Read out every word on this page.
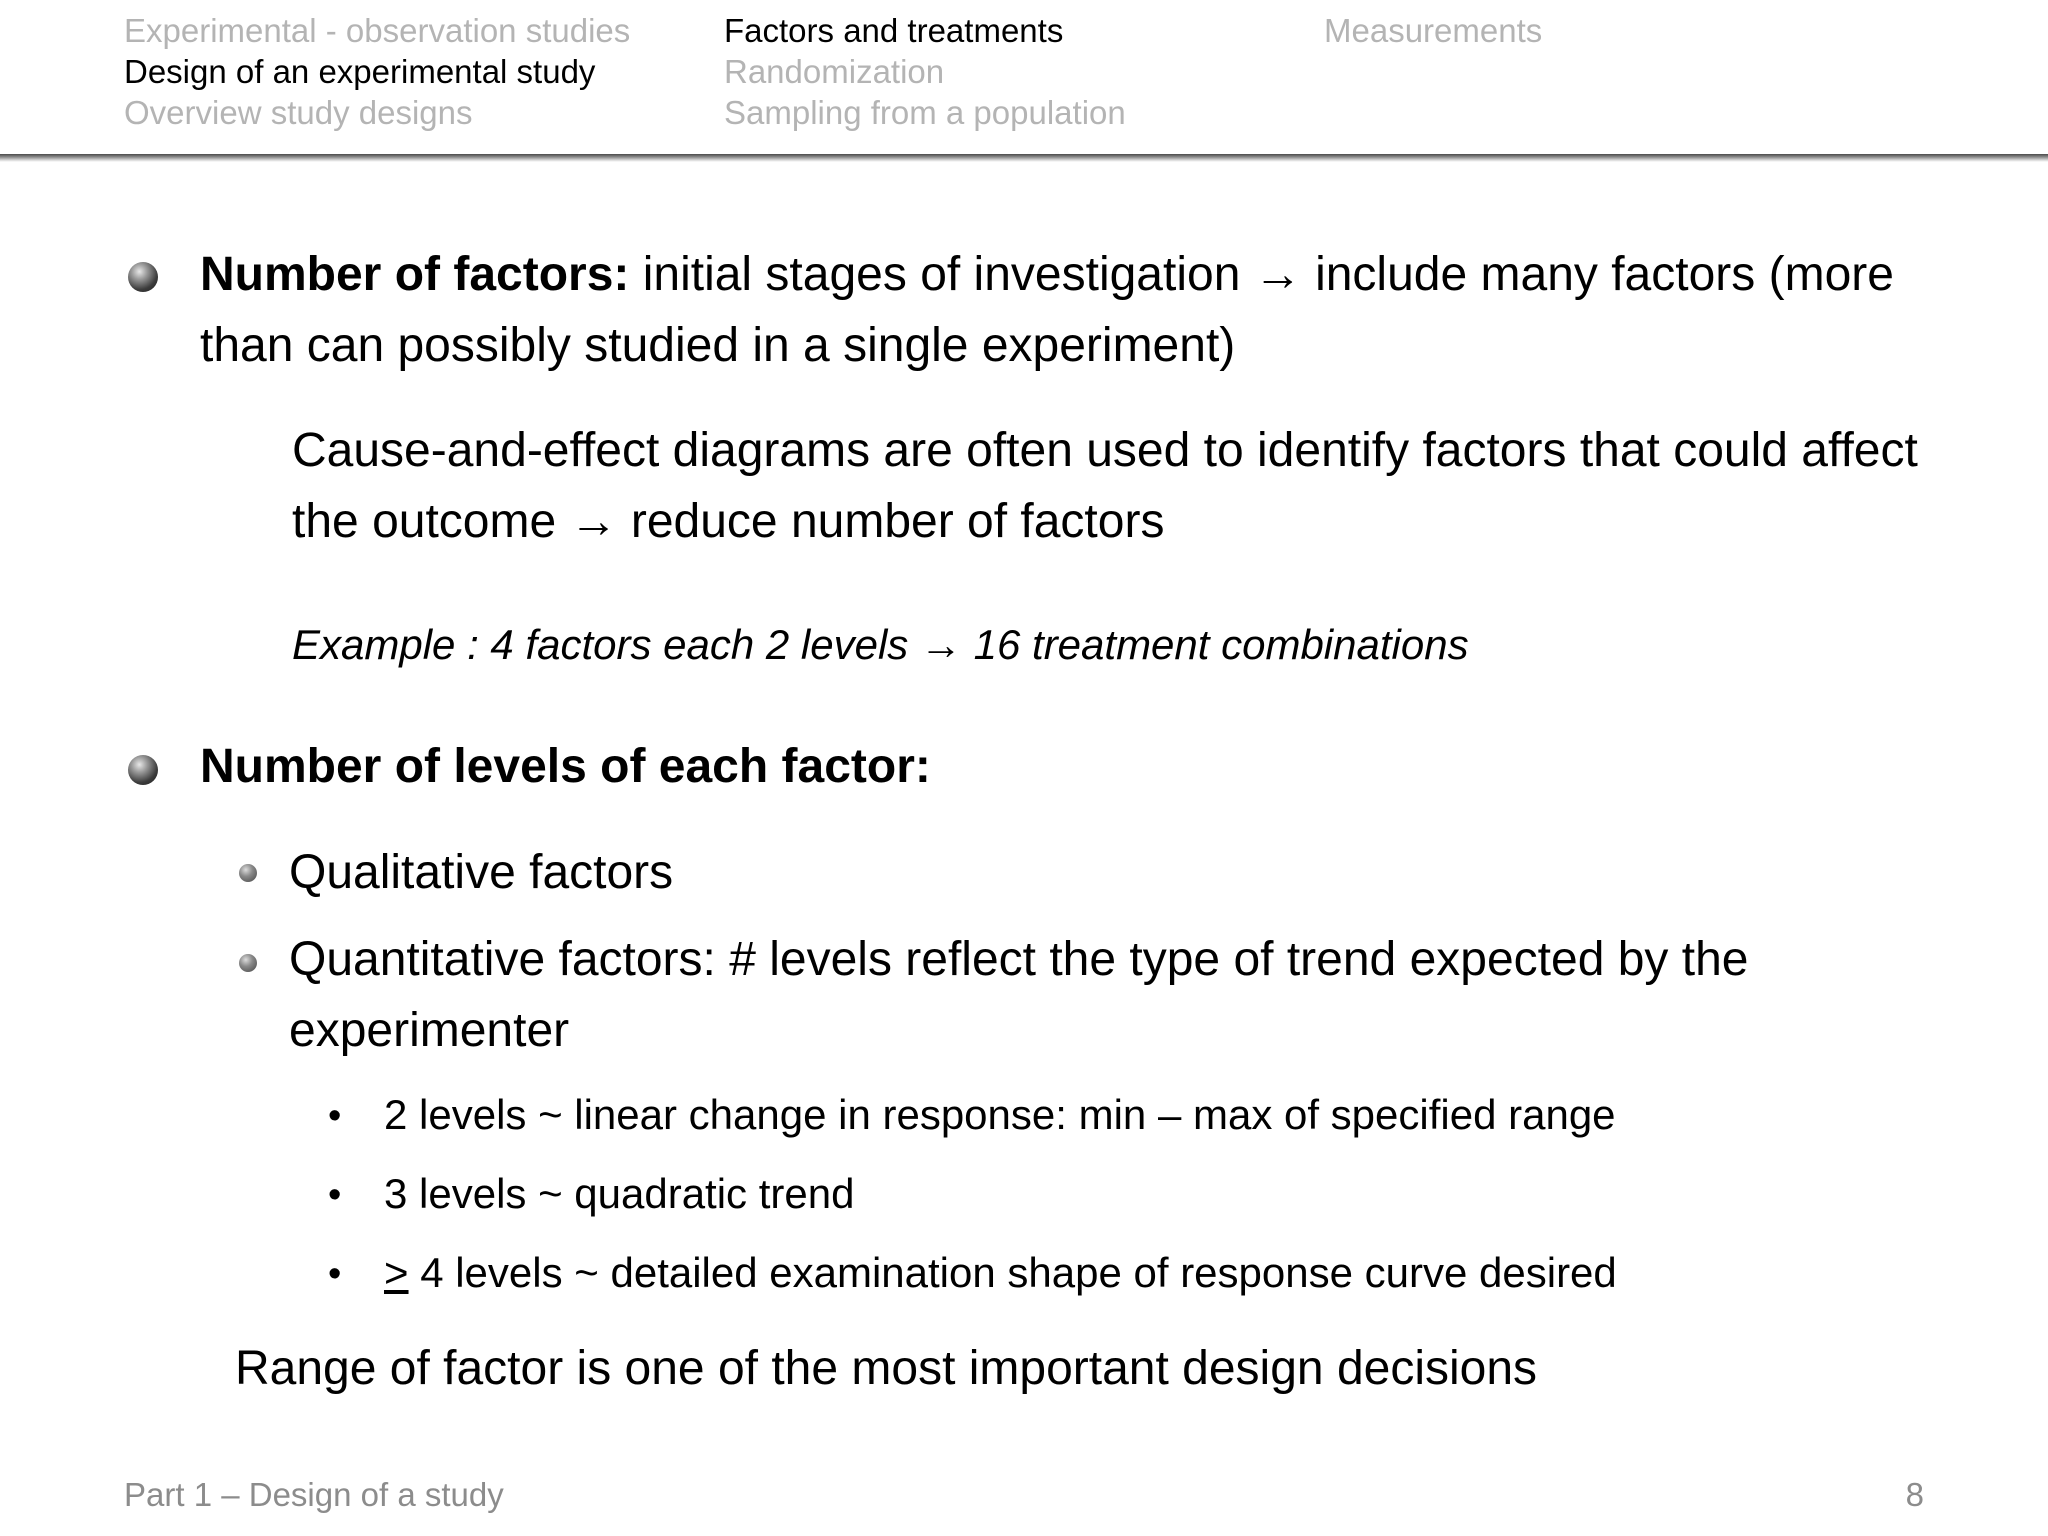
Experimental - observation studies
Design of an experimental study
Overview study designs
Factors and treatments
Randomization
Sampling from a population
Measurements
Number of factors: initial stages of investigation → include many factors (more than can possibly studied in a single experiment)
Cause-and-effect diagrams are often used to identify factors that could affect the outcome → reduce number of factors
Example : 4 factors each 2 levels → 16 treatment combinations
Number of levels of each factor:
Qualitative factors
Quantitative factors: # levels reflect the type of trend expected by the experimenter
• 2 levels ~ linear change in response: min – max of specified range
• 3 levels ~ quadratic trend
• ≥ 4 levels ~ detailed examination shape of response curve desired
Range of factor is one of the most important design decisions
Part 1 – Design of a study	8
